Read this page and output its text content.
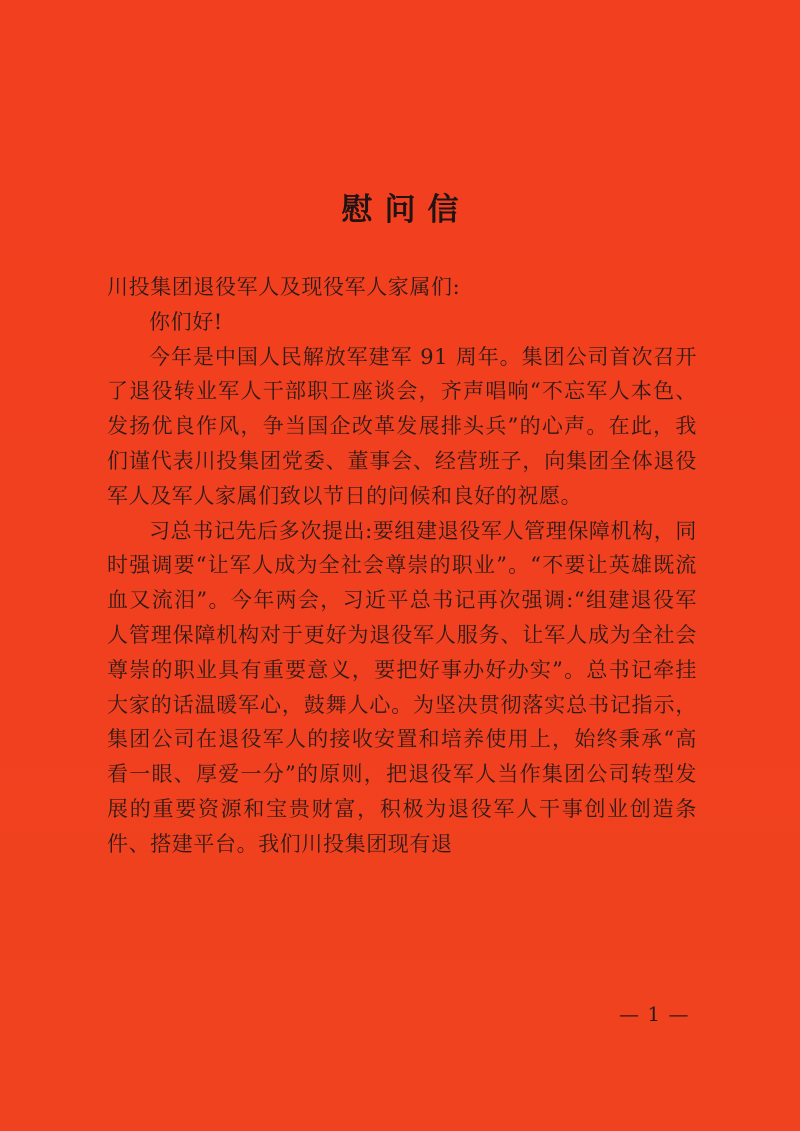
慰问信

川投集团退役军人及现役军人家属们:

你们好!

今年是中国人民解放军建军 91 周年。集团公司首次召开了退役转业军人干部职工座谈会，齐声唱响“不忘军人本色、发扬优良作风，争当国企改革发展排头兵”的心声。在此，我们谨代表川投集团党委、董事会、经营班子，向集团全体退役军人及军人家属们致以节日的问候和良好的祝愿。

习总书记先后多次提出:要组建退役军人管理保障机构，同时强调要“让军人成为全社会尊崇的职业”。“不要让英雄既流血又流泪”。今年两会，习近平总书记再次强调:“组建退役军人管理保障机构对于更好为退役军人服务、让军人成为全社会尊崇的职业具有重要意义，要把好事办好办实”。总书记牵挂大家的话温暖军心，鼓舞人心。为坚决贯彻落实总书记指示，集团公司在退役军人的接收安置和培养使用上，始终秉承“高看一眼、厚爱一分”的原则，把退役军人当作集团公司转型发展的重要资源和宝贵财富，积极为退役军人干事创业创造条件、搭建平台。我们川投集团现有退

— 1 —
